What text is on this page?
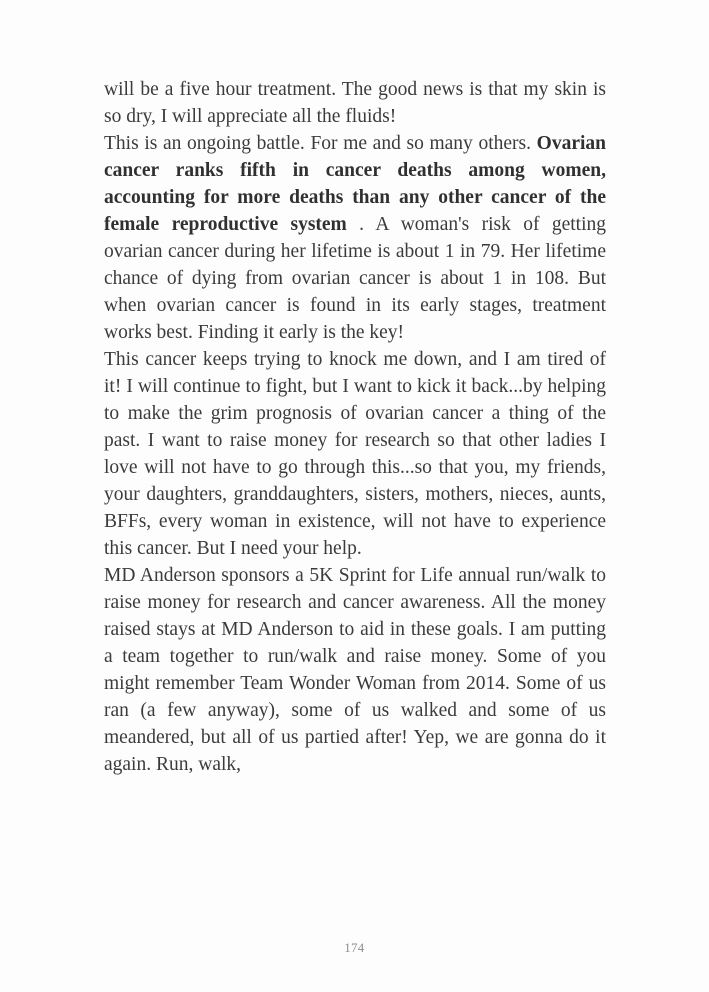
will be a five hour treatment. The good news is that my skin is so dry, I will appreciate all the fluids!

This is an ongoing battle. For me and so many others. Ovarian cancer ranks fifth in cancer deaths among women, accounting for more deaths than any other cancer of the female reproductive system . A woman's risk of getting ovarian cancer during her lifetime is about 1 in 79. Her lifetime chance of dying from ovarian cancer is about 1 in 108. But when ovarian cancer is found in its early stages, treatment works best. Finding it early is the key!

This cancer keeps trying to knock me down, and I am tired of it! I will continue to fight, but I want to kick it back...by helping to make the grim prognosis of ovarian cancer a thing of the past. I want to raise money for research so that other ladies I love will not have to go through this...so that you, my friends, your daughters, granddaughters, sisters, mothers, nieces, aunts, BFFs, every woman in existence, will not have to experience this cancer. But I need your help.

MD Anderson sponsors a 5K Sprint for Life annual run/walk to raise money for research and cancer awareness. All the money raised stays at MD Anderson to aid in these goals. I am putting a team together to run/walk and raise money. Some of you might remember Team Wonder Woman from 2014. Some of us ran (a few anyway), some of us walked and some of us meandered, but all of us partied after! Yep, we are gonna do it again. Run, walk,

174
